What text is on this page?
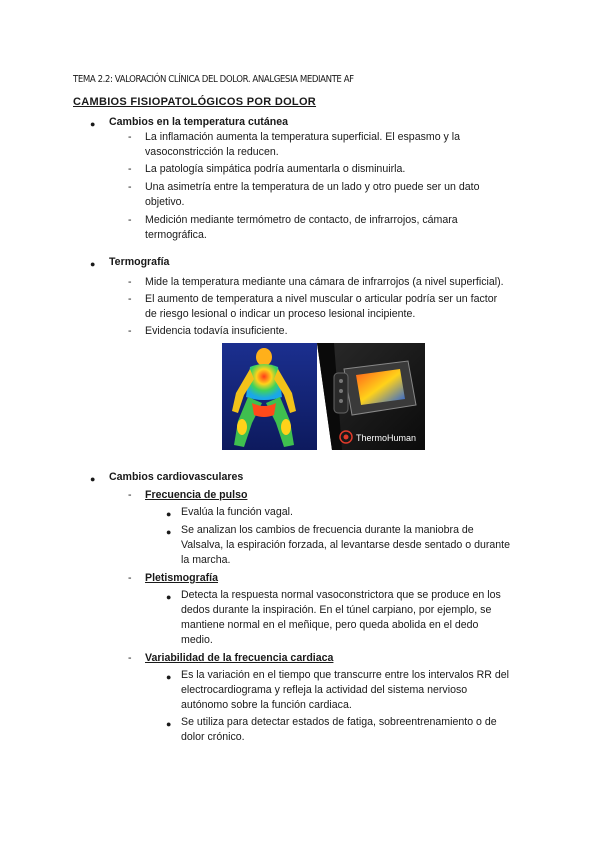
TEMA 2.2: VALORACIÓN CLÍNICA DEL DOLOR. ANALGESIA MEDIANTE AF
CAMBIOS FISIOPATOLÓGICOS POR DOLOR
● Cambios en la temperatura cutánea
- La inflamación aumenta la temperatura superficial. El espasmo y la
vasoconstricción la reducen.
- La patología simpática podría aumentarla o disminuirla.
- Una asimetría entre la temperatura de un lado y otro puede ser un dato
objetivo.
- Medición mediante termómetro de contacto, de infrarrojos, cámara
termográfica.
● Termografía
- Mide la temperatura mediante una cámara de infrarrojos (a nivel superficial).
- El aumento de temperatura a nivel muscular o articular podría ser un factor
de riesgo lesional o indicar un proceso lesional incipiente.
- Evidencia todavía insuficiente.
ThermoHuman
● Cambios cardiovasculares
- Frecuencia de pulso
● Evalúa la función vagal.
● Se analizan los cambios de frecuencia durante la maniobra de
Valsalva, la espiración forzada, al levantarse desde sentado o durante
la marcha.
- Pletismografía
● Detecta la respuesta normal vasoconstrictora que se produce en los
dedos durante la inspiración. En el túnel carpiano, por ejemplo, se
mantiene normal en el meñique, pero queda abolida en el dedo
medio.
- Variabilidad de la frecuencia cardiaca
● Es la variación en el tiempo que transcurre entre los intervalos RR del
electrocardiograma y refleja la actividad del sistema nervioso
autónomo sobre la función cardiaca.
● Se utiliza para detectar estados de fatiga, sobreentrenamiento o de
dolor crónico.
